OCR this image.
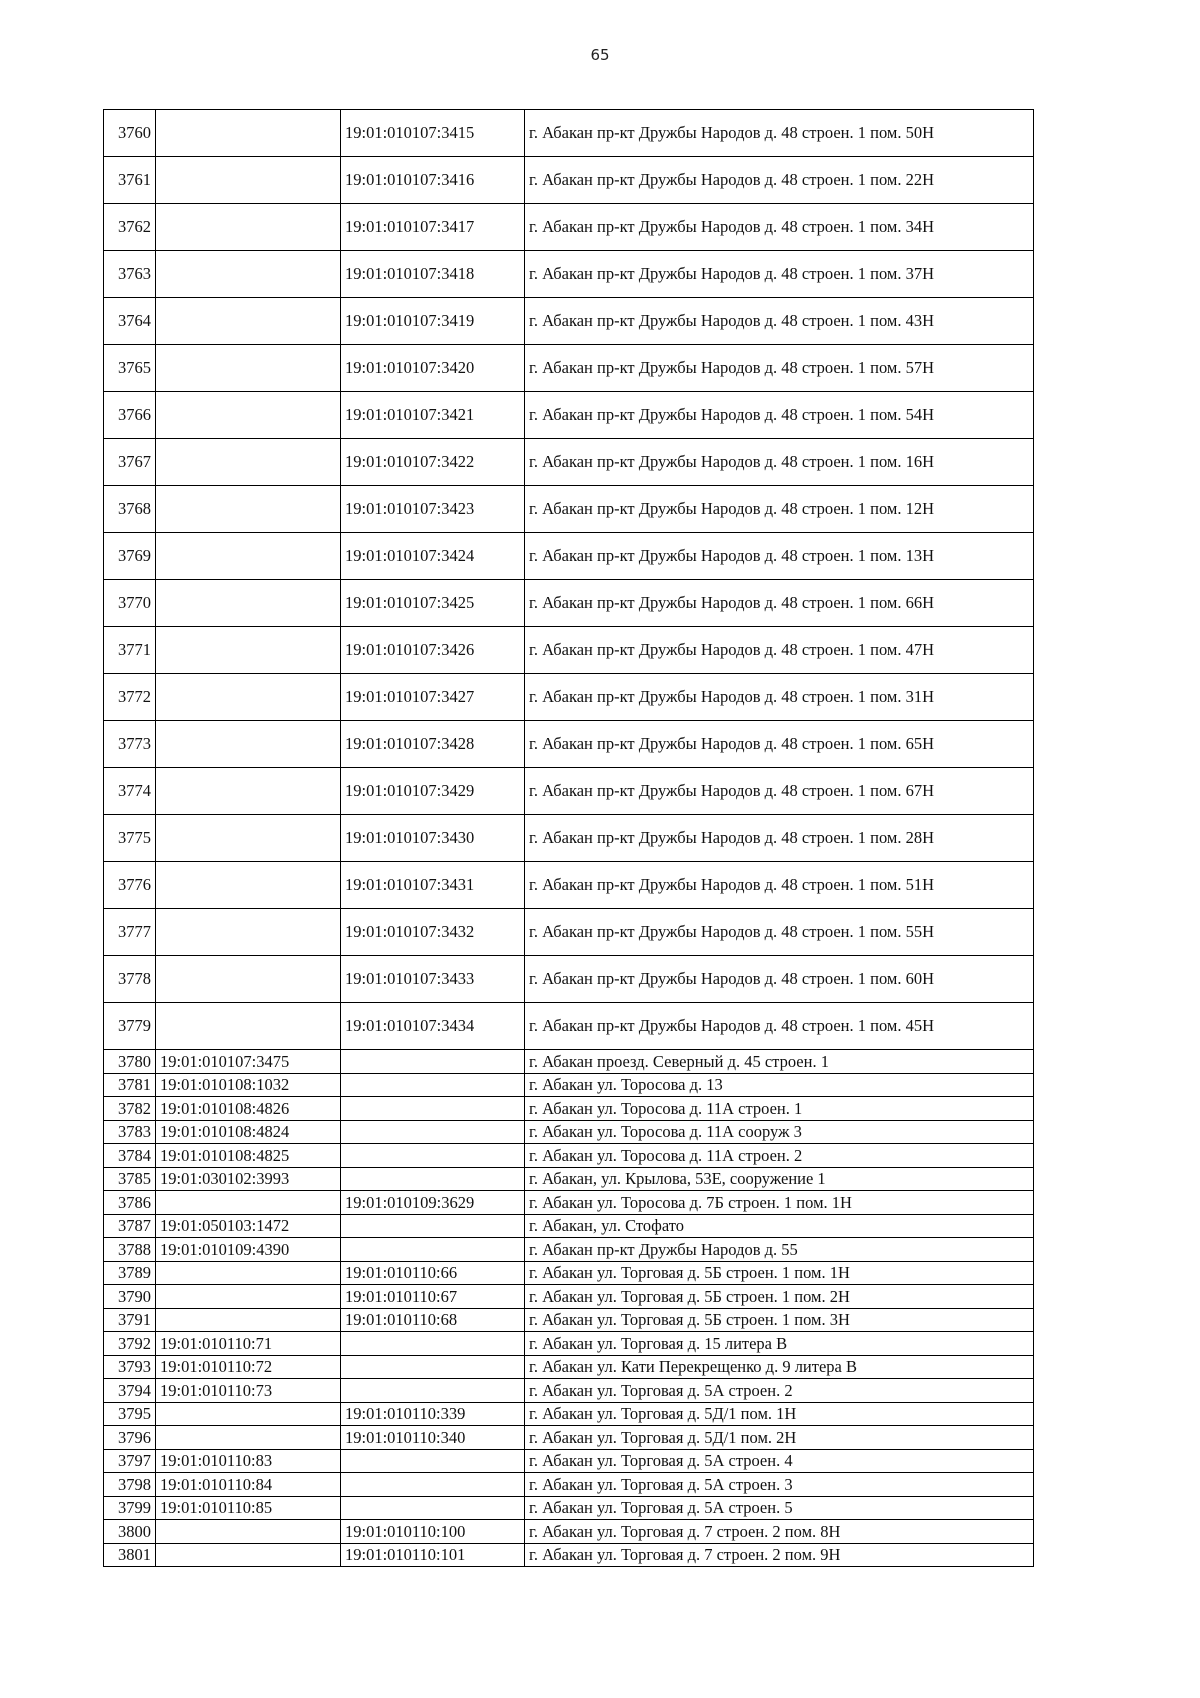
65
3760		19:01:010107:3415	г. Абакан пр-кт Дружбы Народов д. 48 строен. 1 пом. 50Н
3761		19:01:010107:3416	г. Абакан пр-кт Дружбы Народов д. 48 строен. 1 пом. 22Н
3762		19:01:010107:3417	г. Абакан пр-кт Дружбы Народов д. 48 строен. 1 пом. 34Н
3763		19:01:010107:3418	г. Абакан пр-кт Дружбы Народов д. 48 строен. 1 пом. 37Н
3764		19:01:010107:3419	г. Абакан пр-кт Дружбы Народов д. 48 строен. 1 пом. 43Н
3765		19:01:010107:3420	г. Абакан пр-кт Дружбы Народов д. 48 строен. 1 пом. 57Н
3766		19:01:010107:3421	г. Абакан пр-кт Дружбы Народов д. 48 строен. 1 пом. 54Н
3767		19:01:010107:3422	г. Абакан пр-кт Дружбы Народов д. 48 строен. 1 пом. 16Н
3768		19:01:010107:3423	г. Абакан пр-кт Дружбы Народов д. 48 строен. 1 пом. 12Н
3769		19:01:010107:3424	г. Абакан пр-кт Дружбы Народов д. 48 строен. 1 пом. 13Н
3770		19:01:010107:3425	г. Абакан пр-кт Дружбы Народов д. 48 строен. 1 пом. 66Н
3771		19:01:010107:3426	г. Абакан пр-кт Дружбы Народов д. 48 строен. 1 пом. 47Н
3772		19:01:010107:3427	г. Абакан пр-кт Дружбы Народов д. 48 строен. 1 пом. 31Н
3773		19:01:010107:3428	г. Абакан пр-кт Дружбы Народов д. 48 строен. 1 пом. 65Н
3774		19:01:010107:3429	г. Абакан пр-кт Дружбы Народов д. 48 строен. 1 пом. 67Н
3775		19:01:010107:3430	г. Абакан пр-кт Дружбы Народов д. 48 строен. 1 пом. 28Н
3776		19:01:010107:3431	г. Абакан пр-кт Дружбы Народов д. 48 строен. 1 пом. 51Н
3777		19:01:010107:3432	г. Абакан пр-кт Дружбы Народов д. 48 строен. 1 пом. 55Н
3778		19:01:010107:3433	г. Абакан пр-кт Дружбы Народов д. 48 строен. 1 пом. 60Н
3779		19:01:010107:3434	г. Абакан пр-кт Дружбы Народов д. 48 строен. 1 пом. 45Н
3780	19:01:010107:3475		г. Абакан проезд. Северный д. 45 строен. 1
3781	19:01:010108:1032		г. Абакан ул. Торосова д. 13
3782	19:01:010108:4826		г. Абакан ул. Торосова д. 11А строен. 1
3783	19:01:010108:4824		г. Абакан ул. Торосова д. 11А сооруж 3
3784	19:01:010108:4825		г. Абакан ул. Торосова д. 11А строен. 2
3785	19:01:030102:3993		г. Абакан, ул. Крылова, 53Е, сооружение 1
3786		19:01:010109:3629	г. Абакан ул. Торосова д. 7Б строен. 1 пом. 1Н
3787	19:01:050103:1472		г. Абакан, ул. Стофато
3788	19:01:010109:4390		г. Абакан пр-кт Дружбы Народов д. 55
3789		19:01:010110:66	г. Абакан ул. Торговая д. 5Б строен. 1 пом. 1Н
3790		19:01:010110:67	г. Абакан ул. Торговая д. 5Б строен. 1 пом. 2Н
3791		19:01:010110:68	г. Абакан ул. Торговая д. 5Б строен. 1 пом. 3Н
3792	19:01:010110:71		г. Абакан ул. Торговая д. 15 литера В
3793	19:01:010110:72		г. Абакан ул. Кати Перекрещенко д. 9 литера В
3794	19:01:010110:73		г. Абакан ул. Торговая д. 5А строен. 2
3795		19:01:010110:339	г. Абакан ул. Торговая д. 5Д/1 пом. 1Н
3796		19:01:010110:340	г. Абакан ул. Торговая д. 5Д/1 пом. 2Н
3797	19:01:010110:83		г. Абакан ул. Торговая д. 5А строен. 4
3798	19:01:010110:84		г. Абакан ул. Торговая д. 5А строен. 3
3799	19:01:010110:85		г. Абакан ул. Торговая д. 5А строен. 5
3800		19:01:010110:100	г. Абакан ул. Торговая д. 7 строен. 2 пом. 8Н
3801		19:01:010110:101	г. Абакан ул. Торговая д. 7 строен. 2 пом. 9Н
